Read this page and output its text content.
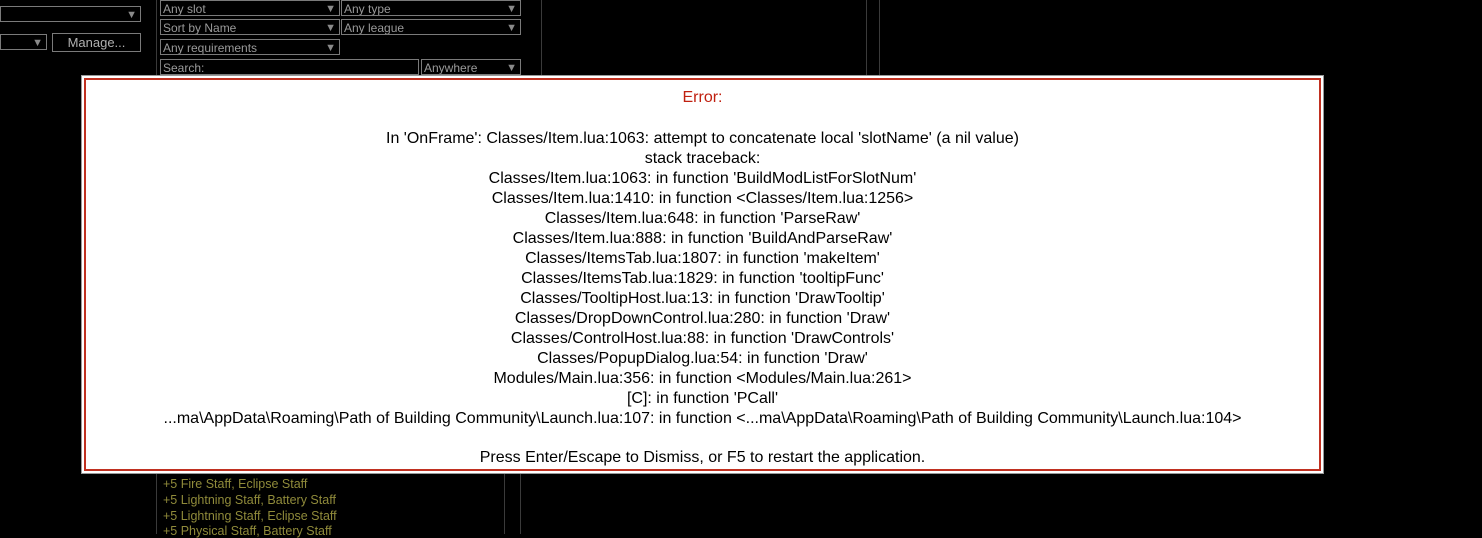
▼
▼	Manage...
Any slot	▼ Any type	▼
Sort by Name	▼ Any league	▼
Any requirements	▼
Search:	Anywhere	▼
+5 Fire Staff, Eclipse Staff
+5 Lightning Staff, Battery Staff
+5 Lightning Staff, Eclipse Staff
+5 Physical Staff, Battery Staff
Error:
In 'OnFrame': Classes/Item.lua:1063: attempt to concatenate local 'slotName' (a nil value)
stack traceback:
Classes/Item.lua:1063: in function 'BuildModListForSlotNum'
Classes/Item.lua:1410: in function <Classes/Item.lua:1256>
Classes/Item.lua:648: in function 'ParseRaw'
Classes/Item.lua:888: in function 'BuildAndParseRaw'
Classes/ItemsTab.lua:1807: in function 'makeItem'
Classes/ItemsTab.lua:1829: in function 'tooltipFunc'
Classes/TooltipHost.lua:13: in function 'DrawTooltip'
Classes/DropDownControl.lua:280: in function 'Draw'
Classes/ControlHost.lua:88: in function 'DrawControls'
Classes/PopupDialog.lua:54: in function 'Draw'
Modules/Main.lua:356: in function <Modules/Main.lua:261>
[C]: in function 'PCall'
...ma\AppData\Roaming\Path of Building Community\Launch.lua:107: in function <...ma\AppData\Roaming\Path of Building Community\Launch.lua:104>
Press Enter/Escape to Dismiss, or F5 to restart the application.
